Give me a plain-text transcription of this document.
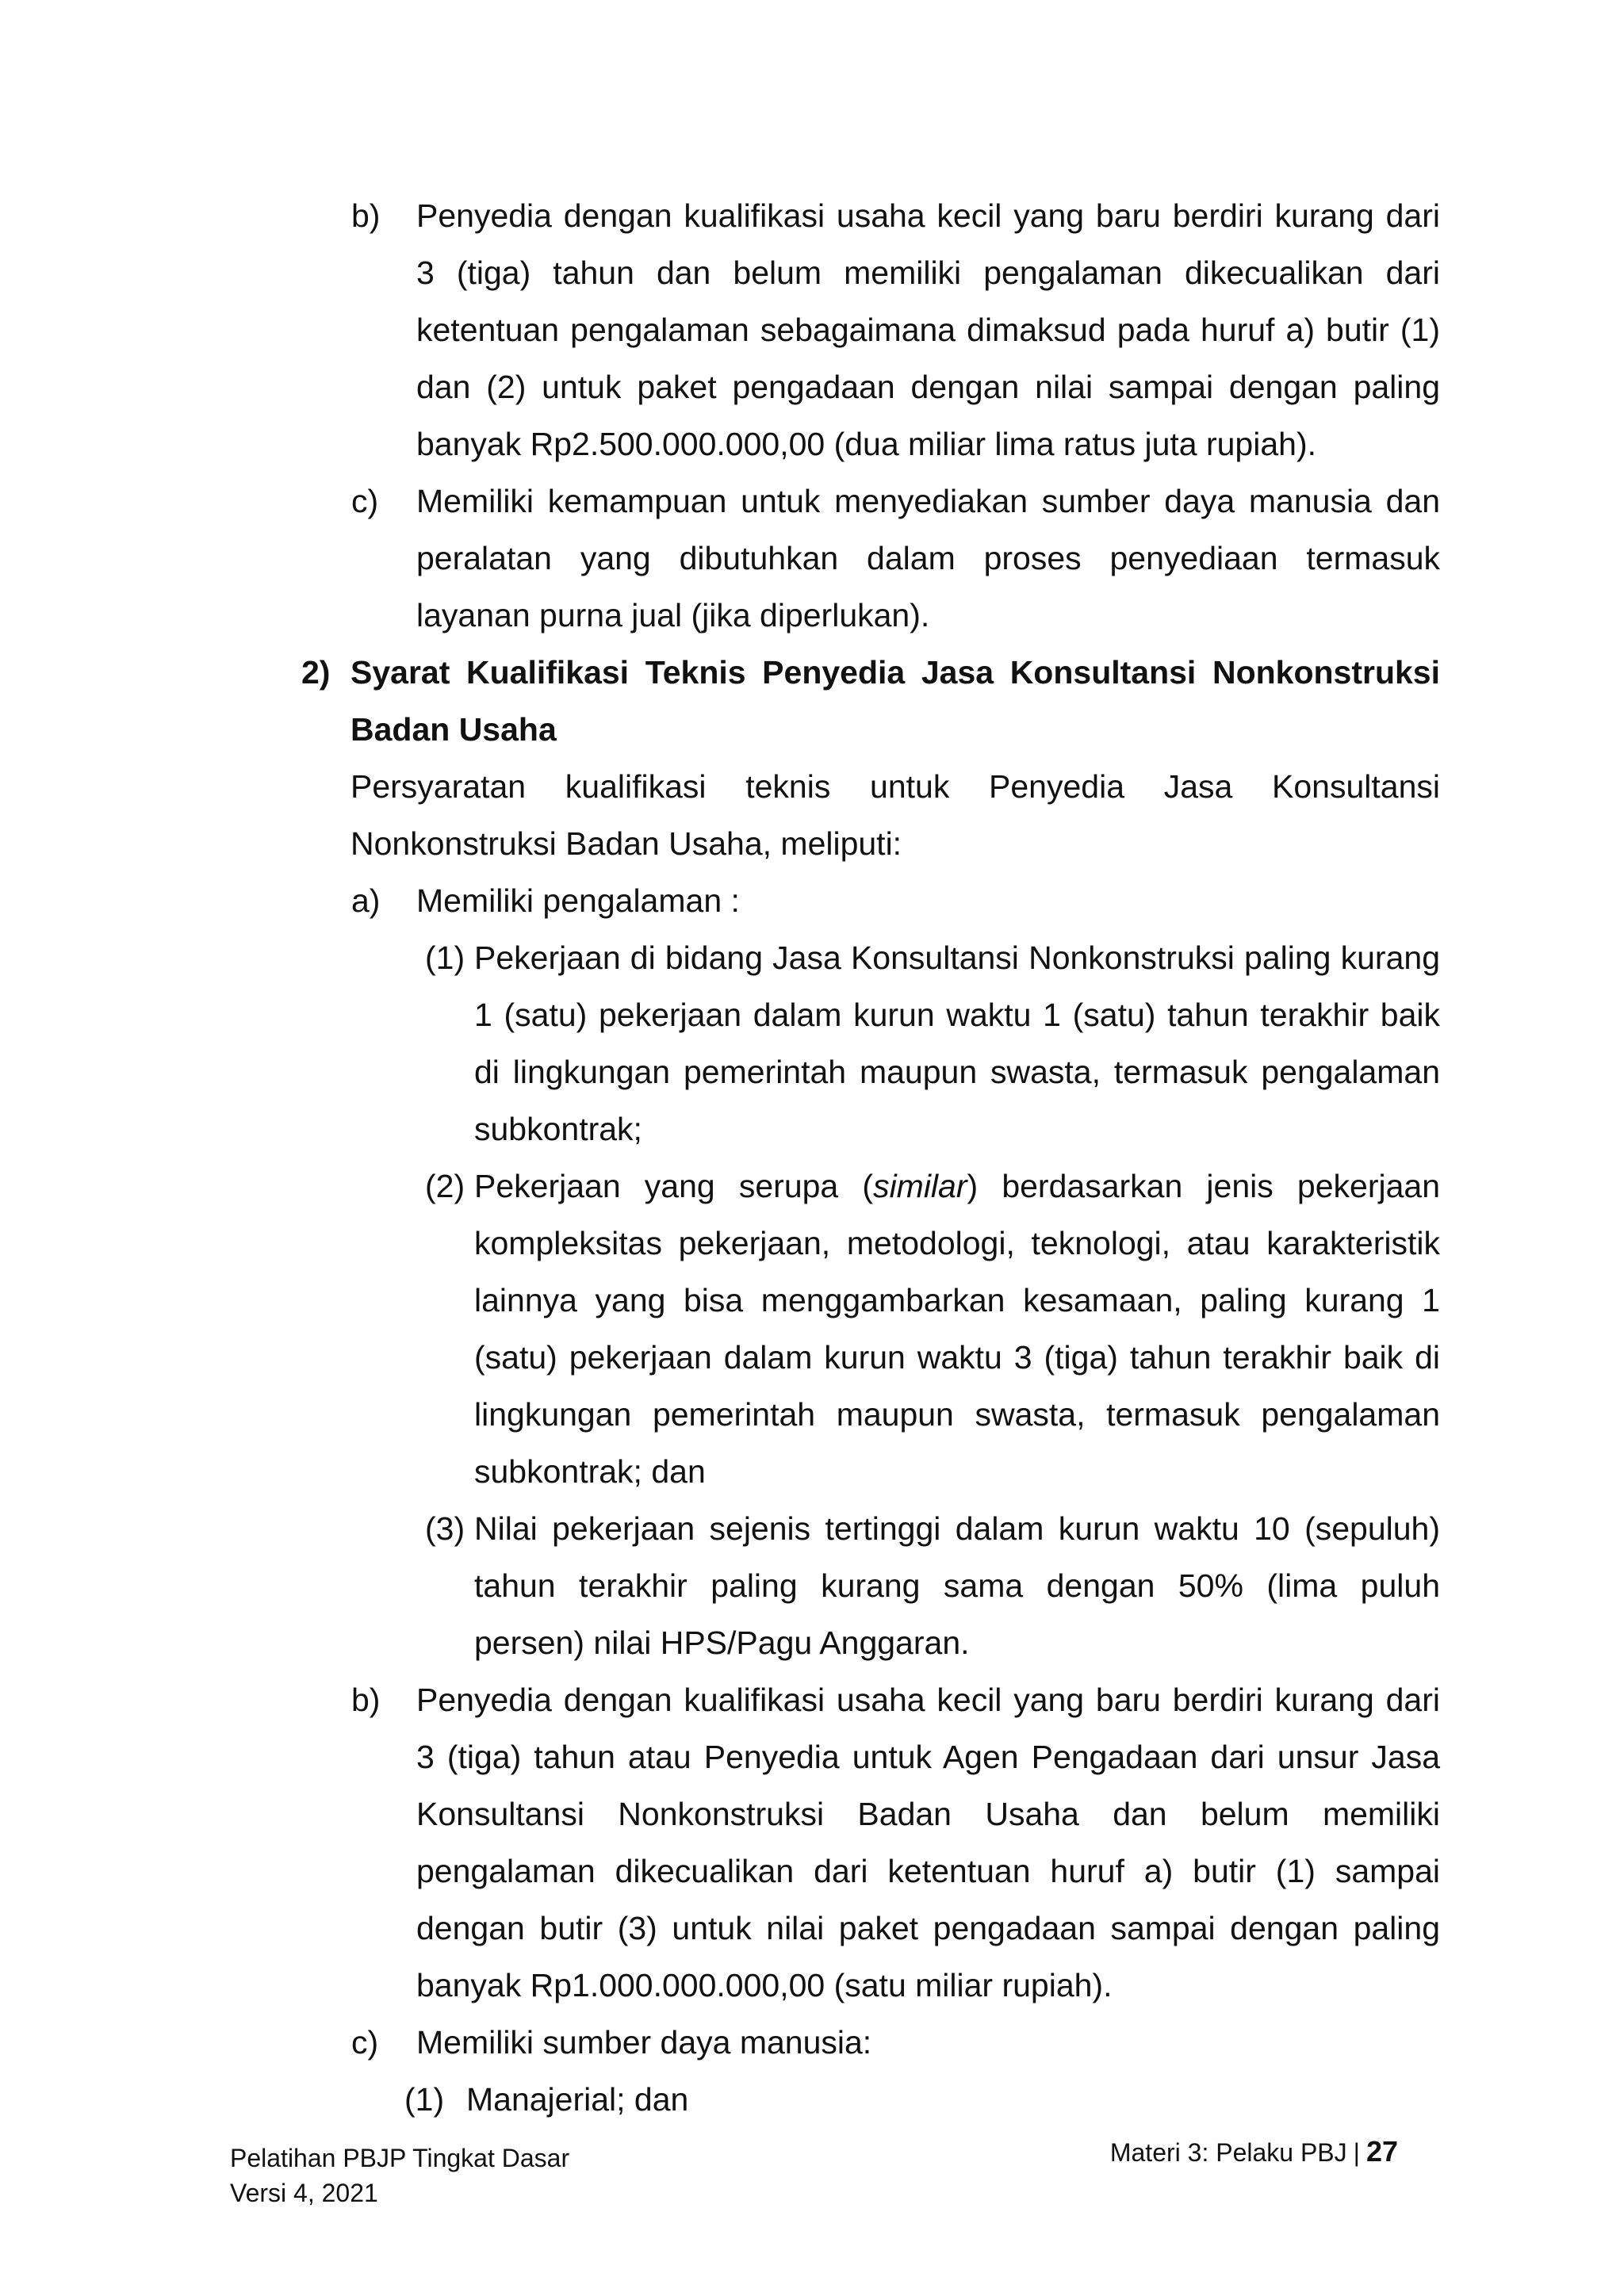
b) Penyedia dengan kualifikasi usaha kecil yang baru berdiri kurang dari 3 (tiga) tahun dan belum memiliki pengalaman dikecualikan dari ketentuan pengalaman sebagaimana dimaksud pada huruf a) butir (1) dan (2) untuk paket pengadaan dengan nilai sampai dengan paling banyak Rp2.500.000.000,00 (dua miliar lima ratus juta rupiah).
c) Memiliki kemampuan untuk menyediakan sumber daya manusia dan peralatan yang dibutuhkan dalam proses penyediaan termasuk layanan purna jual (jika diperlukan).
2) Syarat Kualifikasi Teknis Penyedia Jasa Konsultansi Nonkonstruksi Badan Usaha
Persyaratan kualifikasi teknis untuk Penyedia Jasa Konsultansi Nonkonstruksi Badan Usaha, meliputi:
a) Memiliki pengalaman :
(1) Pekerjaan di bidang Jasa Konsultansi Nonkonstruksi paling kurang 1 (satu) pekerjaan dalam kurun waktu 1 (satu) tahun terakhir baik di lingkungan pemerintah maupun swasta, termasuk pengalaman subkontrak;
(2) Pekerjaan yang serupa (similar) berdasarkan jenis pekerjaan kompleksitas pekerjaan, metodologi, teknologi, atau karakteristik lainnya yang bisa menggambarkan kesamaan, paling kurang 1 (satu) pekerjaan dalam kurun waktu 3 (tiga) tahun terakhir baik di lingkungan pemerintah maupun swasta, termasuk pengalaman subkontrak; dan
(3) Nilai pekerjaan sejenis tertinggi dalam kurun waktu 10 (sepuluh) tahun terakhir paling kurang sama dengan 50% (lima puluh persen) nilai HPS/Pagu Anggaran.
b) Penyedia dengan kualifikasi usaha kecil yang baru berdiri kurang dari 3 (tiga) tahun atau Penyedia untuk Agen Pengadaan dari unsur Jasa Konsultansi Nonkonstruksi Badan Usaha dan belum memiliki pengalaman dikecualikan dari ketentuan huruf a) butir (1) sampai dengan butir (3) untuk nilai paket pengadaan sampai dengan paling banyak Rp1.000.000.000,00 (satu miliar rupiah).
c) Memiliki sumber daya manusia:
(1) Manajerial; dan
Pelatihan PBJP Tingkat Dasar
Versi 4, 2021
Materi 3: Pelaku PBJ | 27
